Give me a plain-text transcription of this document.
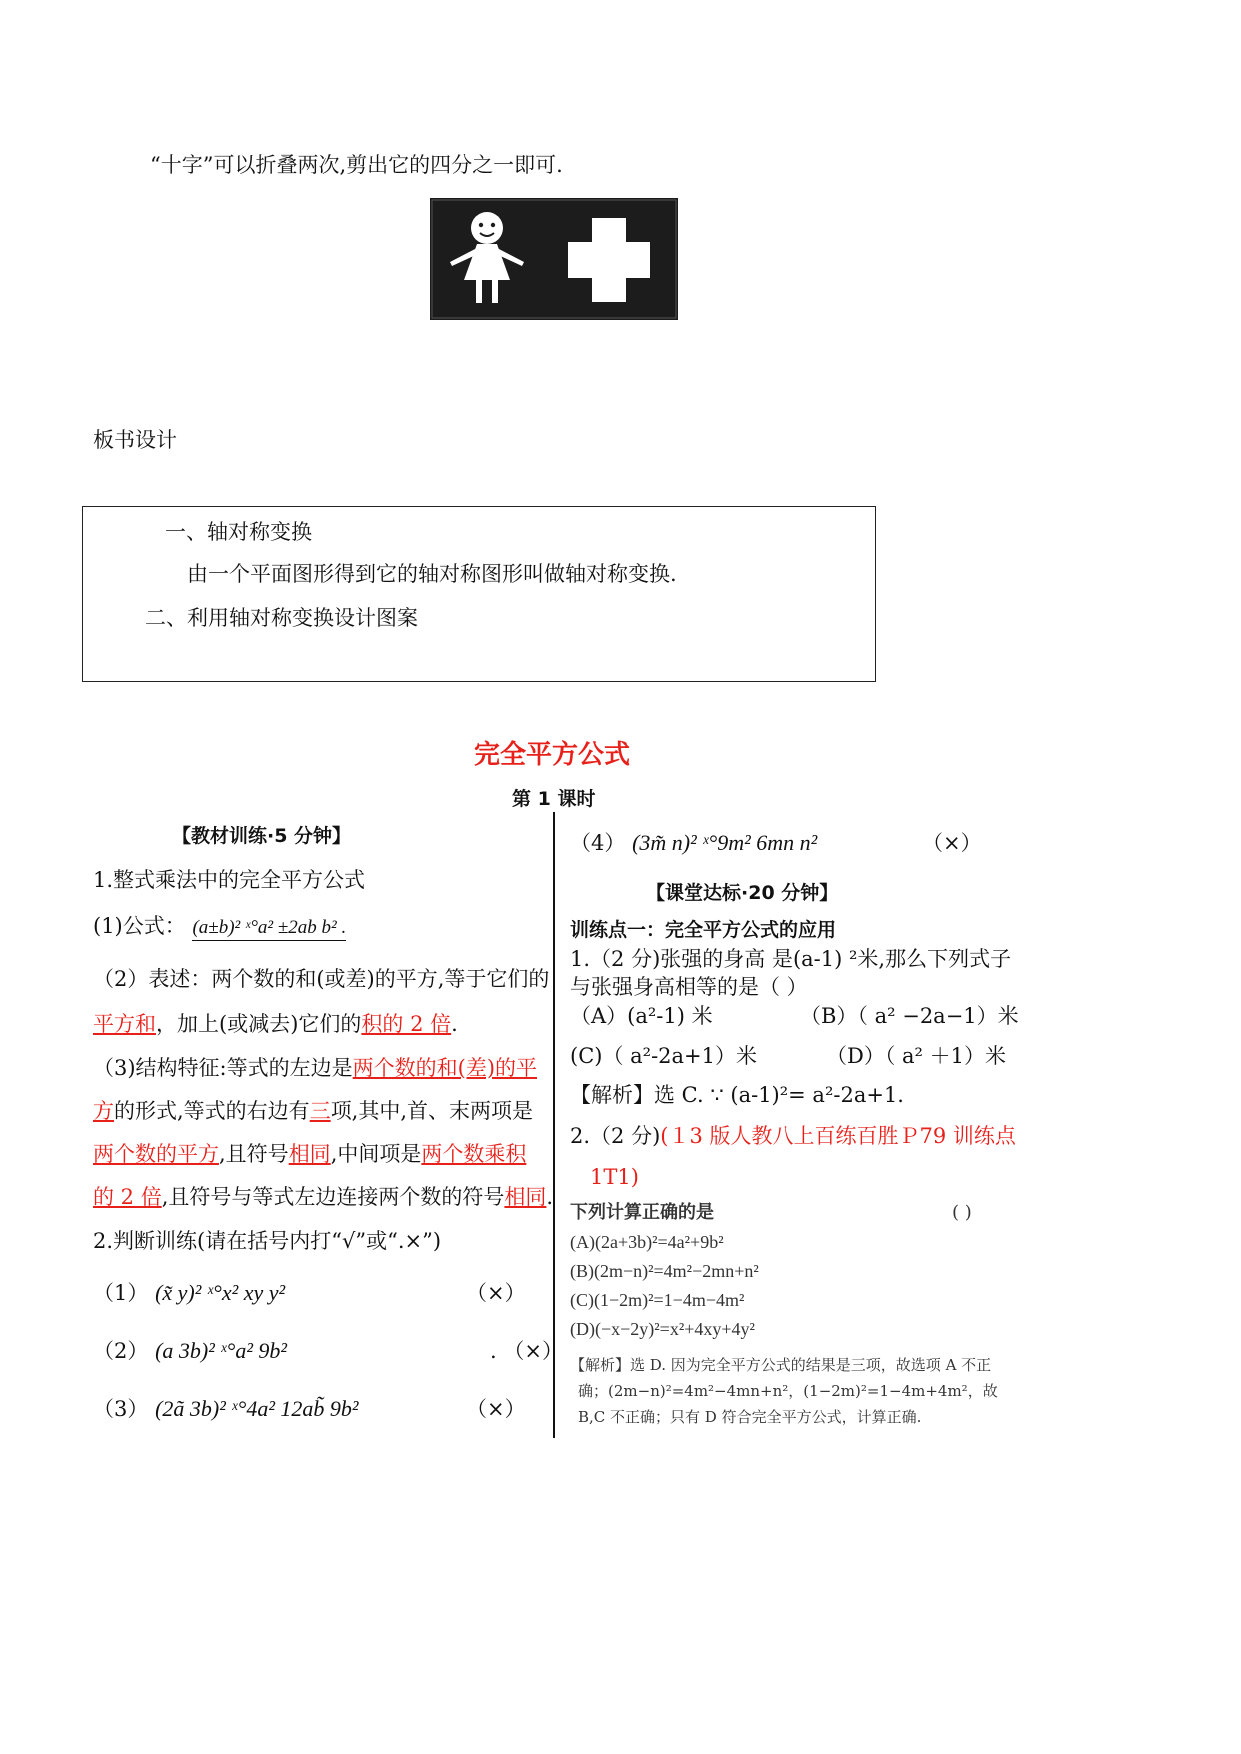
“十字”可以折叠两次,剪出它的四分之一即可.
板书设计
一、轴对称变换
由一个平面图形得到它的轴对称图形叫做轴对称变换.
二、利用轴对称变换设计图案
完全平方公式
第 1 课时
【教材训练·5 分钟】
1.整式乘法中的完全平方公式
(1)公式： (a±b)² ˣ°a² ±2ab b² .
（2）表述：两个数的和(或差)的平方,等于它们的
平方和，加上(或减去)它们的积的 2 倍.
（3)结构特征:等式的左边是两个数的和(差)的平
方的形式,等式的右边有三项,其中,首、末两项是
两个数的平方,且符号相同,中间项是两个数乘积
的 2 倍,且符号与等式左边连接两个数的符号相同.
2.判断训练(请在括号内打“√”或“.×”)
（1） (x̃ y)² ˣ°x² xy y²	（×）
（2） (a 3b)² ˣ°a² 9b²	. （×）
（3） (2ã 3b)² ˣ°4a² 12ab̃ 9b²	（×）
（4） (3m̃ n)² ˣ°9m² 6mn n²	（×）
【课堂达标·20 分钟】
训练点一：完全平方公式的应用
1.（2 分)张强的身高 是(a-1) ²米,那么下列式子
与张强身高相等的是（ ）
（A）(a²-1) 米	（B）（ a² −2a−1）米
(C)（ a²-2a+1）米	（D）（ a² ＋1）米
【解析】选 C. ∵ (a-1)²= a²-2a+1.
2.（2 分)(１3 版人教八上百练百胜Ｐ79 训练点
1T1)
下列计算正确的是	( )
(A)(2a+3b)²=4a²+9b²
(B)(2m−n)²=4m²−2mn+n²
(C)(1−2m)²=1−4m−4m²
(D)(−x−2y)²=x²+4xy+4y²
【解析】选 D. 因为完全平方公式的结果是三项，故选项 A 不正
确；(2m−n)²=4m²−4mn+n²，(1−2m)²=1−4m+4m²，故
B,C 不正确；只有 D 符合完全平方公式，计算正确.
